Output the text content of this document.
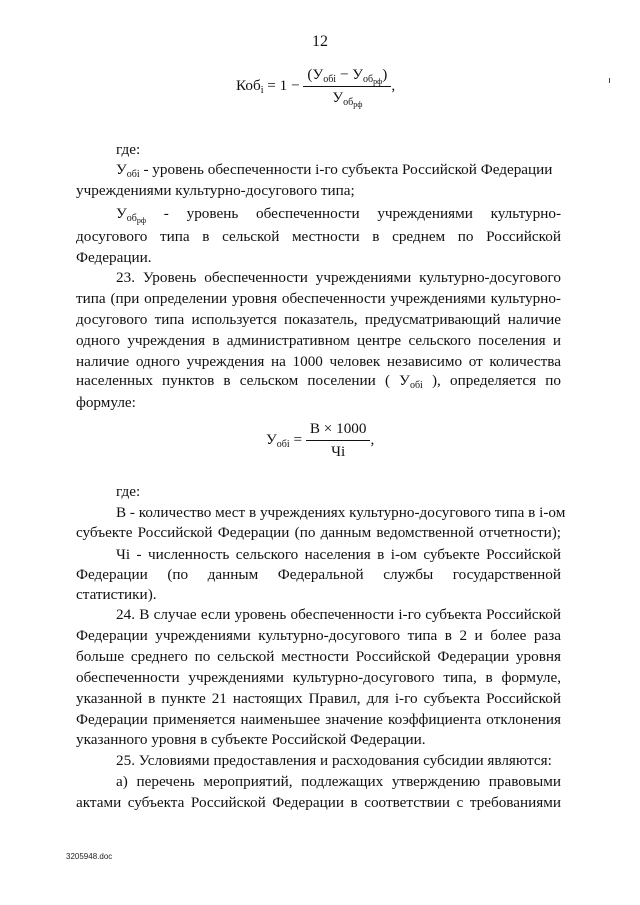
12
$Коб_i = 1 - \frac{(У_{обi} - У_{об_{рф}})}{У_{об_{рф}}}$ ,
где:
$У_{обi}$ - уровень обеспеченности i-го субъекта Российской Федерации
учреждениями культурно-досугового типа;
$У_{об_{рф}}$ - уровень обеспеченности учреждениями культурно-
досугового типа в сельской местности в среднем по Российской
Федерации.
23. Уровень обеспеченности учреждениями культурно-досугового
типа (при определении уровня обеспеченности учреждениями культурно-
досугового типа используется показатель, предусматривающий наличие
одного учреждения в административном центре сельского поселения и
наличие одного учреждения на 1000 человек независимо от количества
населенных пунктов в сельском поселении ( $У_{обi}$ ), определяется по
формуле:
$У_{обi} = \frac{B \times 1000}{Чi}$ ,
где:
В - количество мест в учреждениях культурно-досугового типа в i-ом
субъекте Российской Федерации (по данным ведомственной отчетности);
Чi - численность сельского населения в i-ом субъекте Российской
Федерации (по данным Федеральной службы государственной
статистики).
24. В случае если уровень обеспеченности i-го субъекта Российской
Федерации учреждениями культурно-досугового типа в 2 и более раза
больше среднего по сельской местности Российской Федерации уровня
обеспеченности учреждениями культурно-досугового типа, в формуле,
указанной в пункте 21 настоящих Правил, для i-го субъекта Российской
Федерации применяется наименьшее значение коэффициента отклонения
указанного уровня в субъекте Российской Федерации.
25. Условиями предоставления и расходования субсидии являются:
а) перечень мероприятий, подлежащих утверждению правовыми
актами субъекта Российской Федерации в соответствии с требованиями
3205948.doc
